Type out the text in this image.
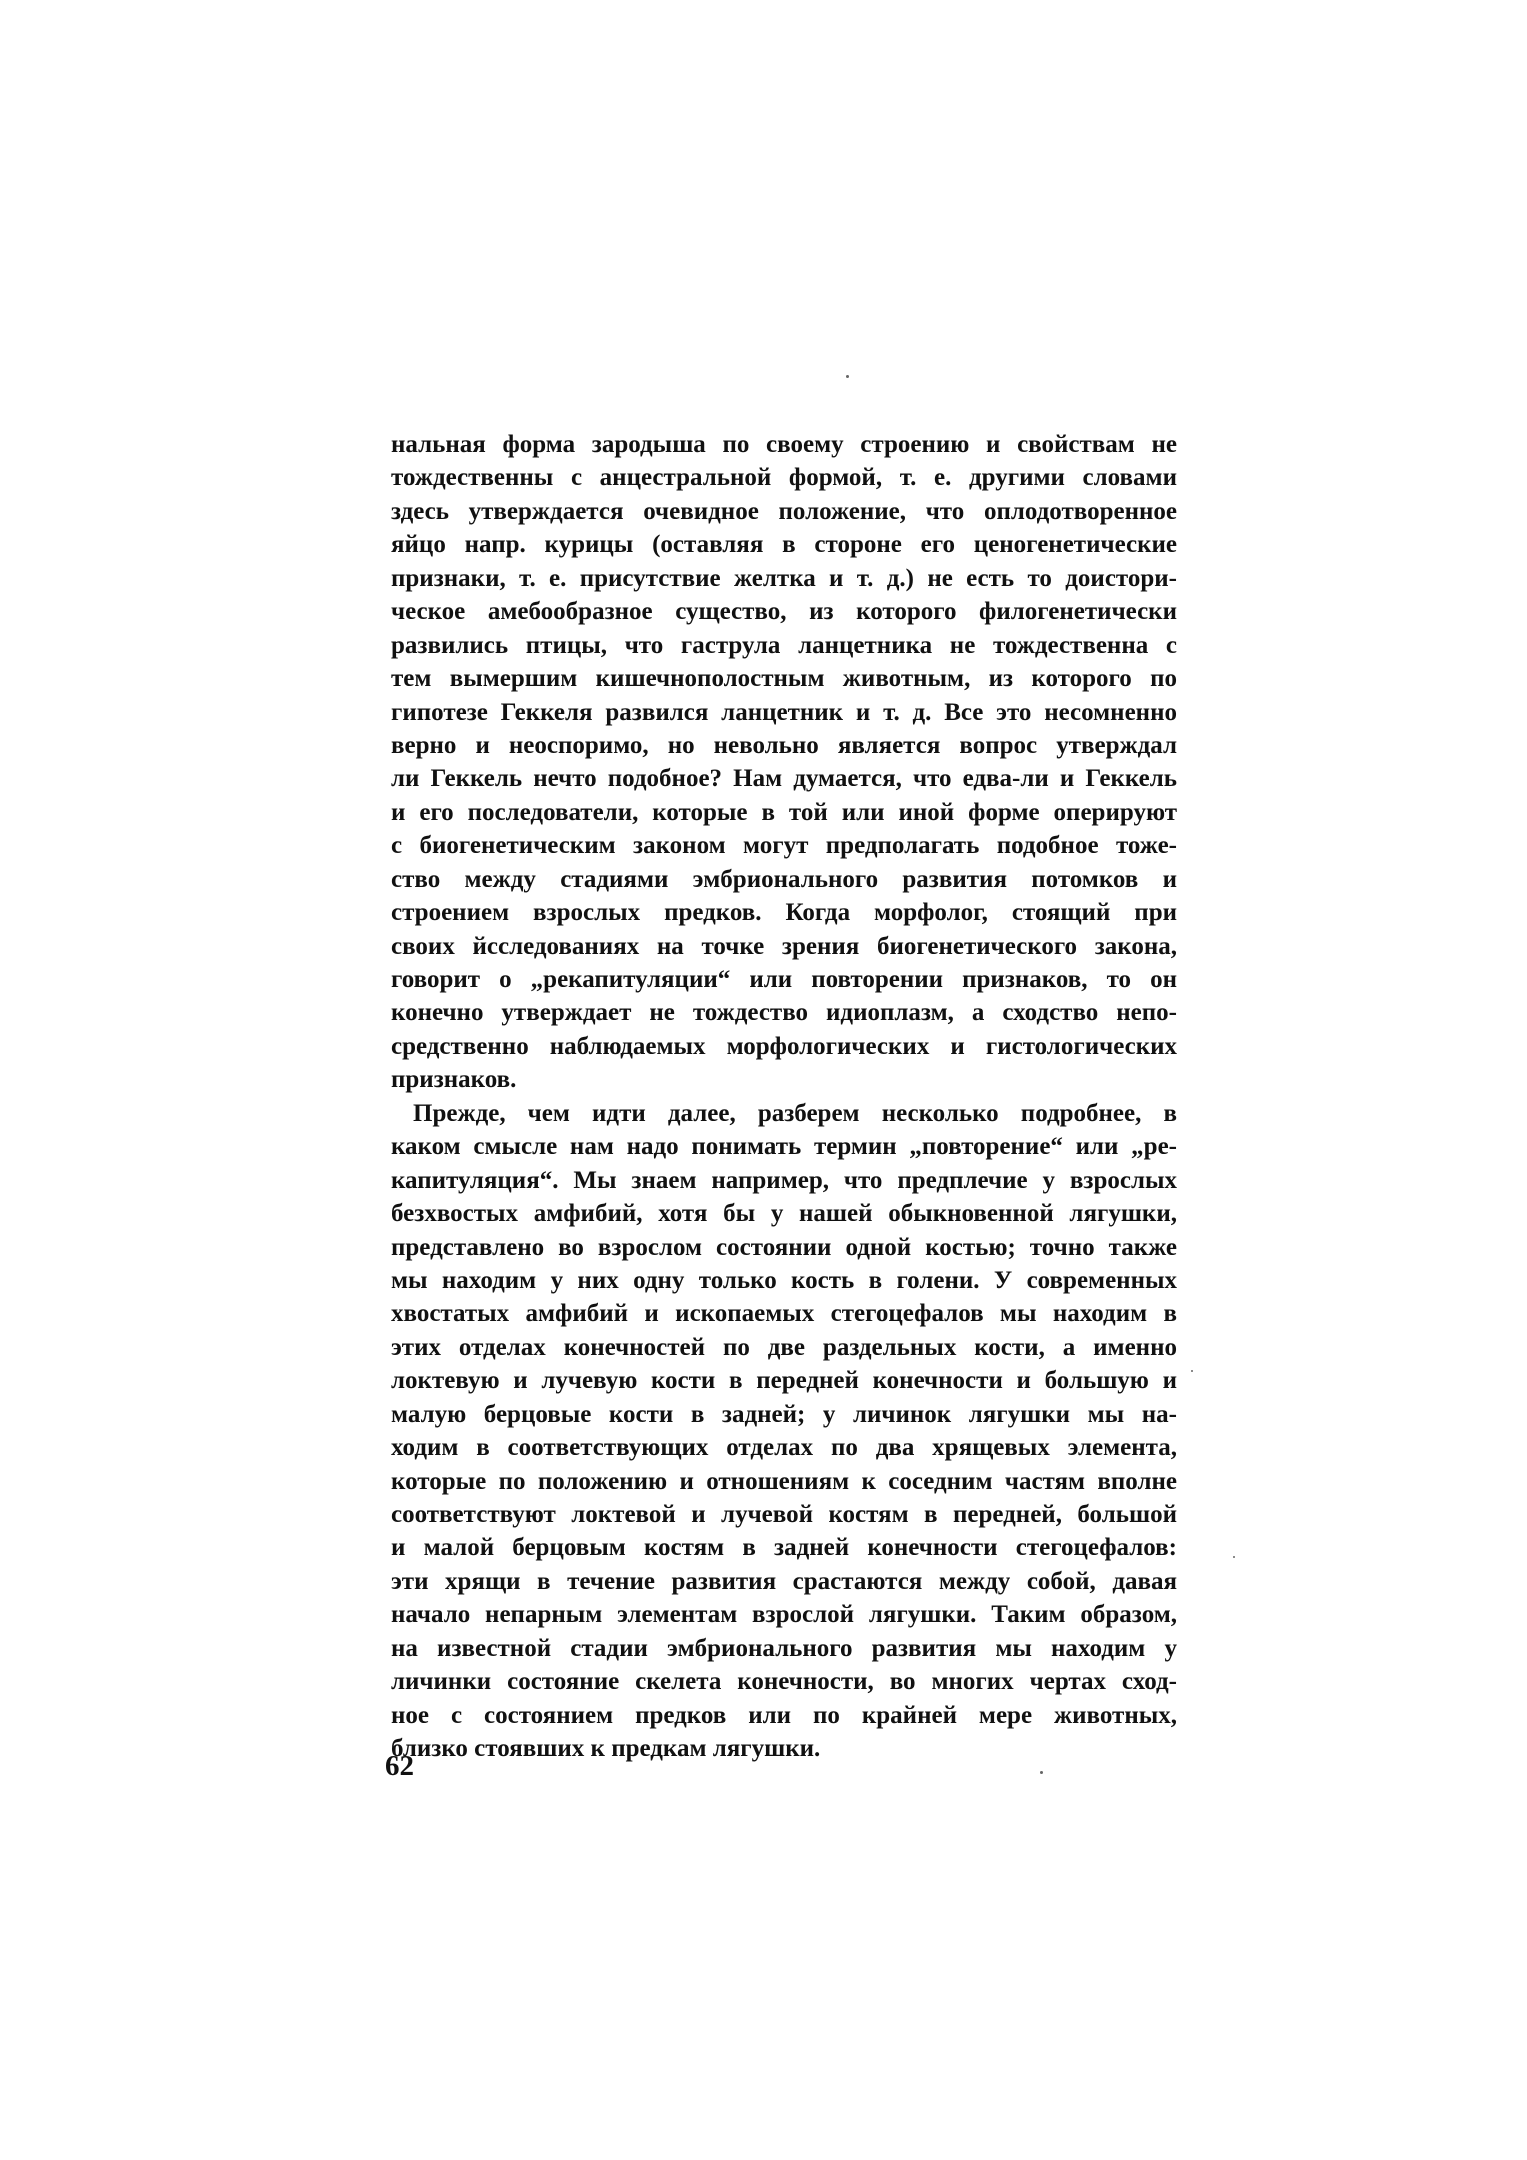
нальная форма зародыша по своему строению и свойствам не
тождественны с анцестральной формой, т. е. другими словами
здесь утверждается очевидное положение, что оплодотворенное
яйцо напр. курицы (оставляя в стороне его ценогенетические
признаки, т. е. присутствие желтка и т. д.) не есть то доистори-
ческое амебообразное существо, из которого филогенетически
развились птицы, что гаструла ланцетника не тождественна с
тем вымершим кишечнополостным животным, из которого по
гипотезе Геккеля развился ланцетник и т. д. Все это несомненно
верно и неоспоримо, но невольно является вопрос утверждал
ли Геккель нечто подобное? Нам думается, что едва-ли и Геккель
и его последователи, которые в той или иной форме оперируют
с биогенетическим законом могут предполагать подобное тоже-
ство между стадиями эмбрионального развития потомков и
строением взрослых предков. Когда морфолог, стоящий при
своих йсследованиях на точке зрения биогенетического закона,
говорит о „рекапитуляции“ или повторении признаков, то он
конечно утверждает не тождество идиоплазм, а сходство непо-
средственно наблюдаемых морфологических и гистологических
признаков.
Прежде, чем идти далее, разберем несколько подробнее, в
каком смысле нам надо понимать термин „повторение“ или „ре-
капитуляция“. Мы знаем например, что предплечие у взрослых
безхвостых амфибий, хотя бы у нашей обыкновенной лягушки,
представлено во взрослом состоянии одной костью; точно также
мы находим у них одну только кость в голени. У современных
хвостатых амфибий и ископаемых стегоцефалов мы находим в
этих отделах конечностей по две раздельных кости, а именно
локтевую и лучевую кости в передней конечности и большую и
малую берцовые кости в задней; у личинок лягушки мы на-
ходим в соответствующих отделах по два хрящевых элемента,
которые по положению и отношениям к соседним частям вполне
соответствуют локтевой и лучевой костям в передней, большой
и малой берцовым костям в задней конечности стегоцефалов:
эти хрящи в течение развития срастаются между собой, давая
начало непарным элементам взрослой лягушки. Таким образом,
на известной стадии эмбрионального развития мы находим у
личинки состояние скелета конечности, во многих чертах сход-
ное с состоянием предков или по крайней мере животных,
близко стоявших к предкам лягушки.
62
